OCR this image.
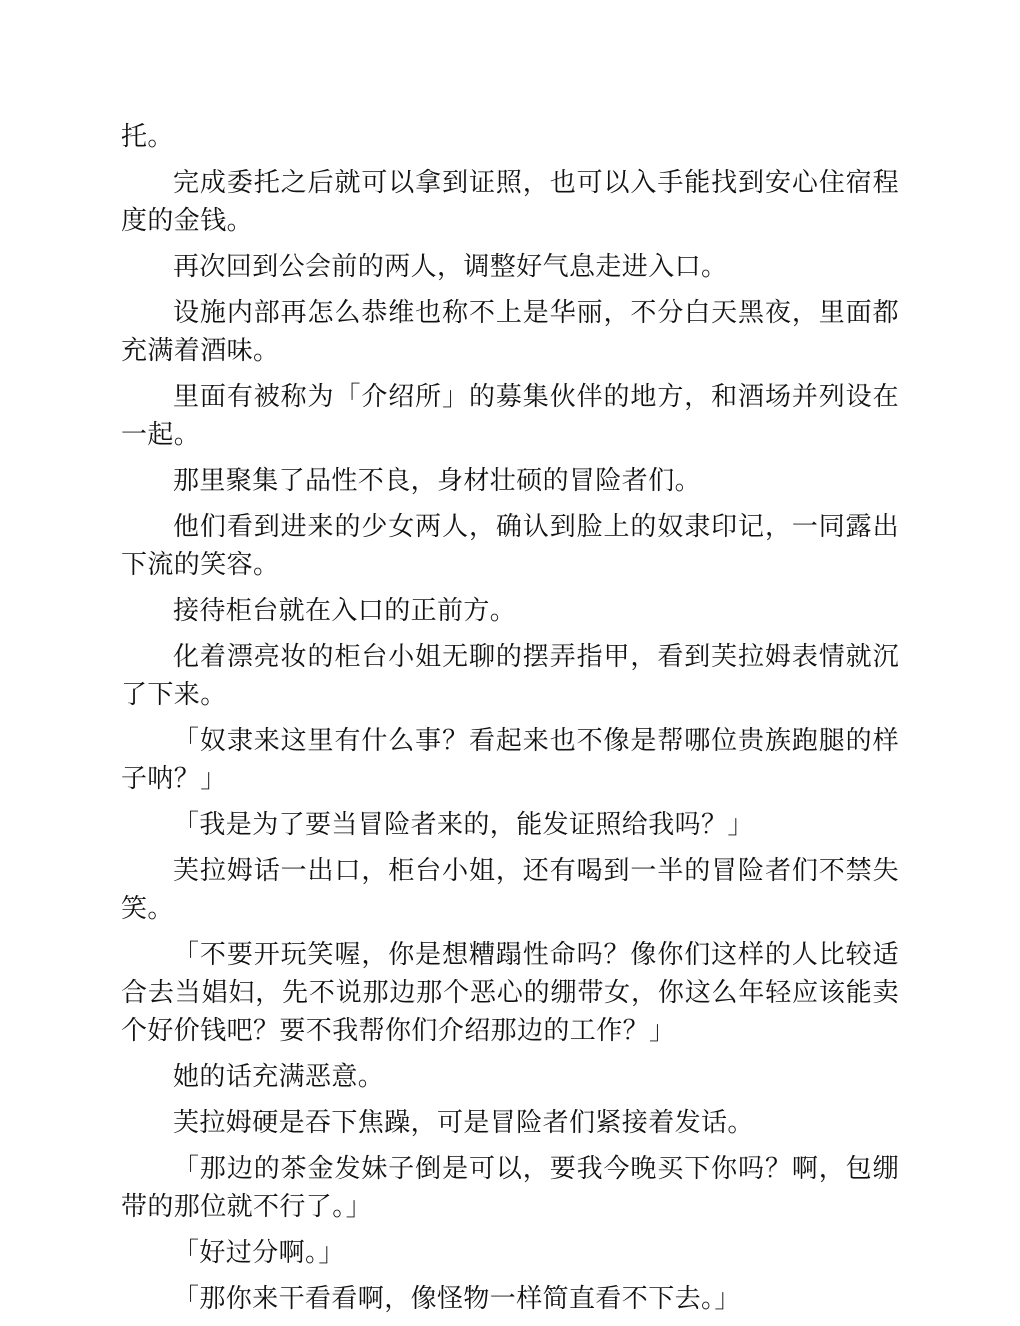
托。

完成委托之后就可以拿到证照，也可以入手能找到安心住宿程度的金钱。

再次回到公会前的两人，调整好气息走进入口。

设施内部再怎么恭维也称不上是华丽，不分白天黑夜，里面都充满着酒味。

里面有被称为「介绍所」的募集伙伴的地方，和酒场并列设在一起。

那里聚集了品性不良，身材壮硕的冒险者们。

他们看到进来的少女两人，确认到脸上的奴隶印记，一同露出下流的笑容。

接待柜台就在入口的正前方。

化着漂亮妆的柜台小姐无聊的摆弄指甲，看到芙拉姆表情就沉了下来。

「奴隶来这里有什么事？看起来也不像是帮哪位贵族跑腿的样子呐？」

「我是为了要当冒险者来的，能发证照给我吗？」

芙拉姆话一出口，柜台小姐，还有喝到一半的冒险者们不禁失笑。

「不要开玩笑喔，你是想糟蹋性命吗？像你们这样的人比较适合去当娼妇，先不说那边那个恶心的绷带女，你这么年轻应该能卖个好价钱吧？要不我帮你们介绍那边的工作？」

她的话充满恶意。

芙拉姆硬是吞下焦躁，可是冒险者们紧接着发话。

「那边的茶金发妹子倒是可以，要我今晚买下你吗？啊，包绷带的那位就不行了。」

「好过分啊。」

「那你来干看看啊，像怪物一样简直看不下去。」
